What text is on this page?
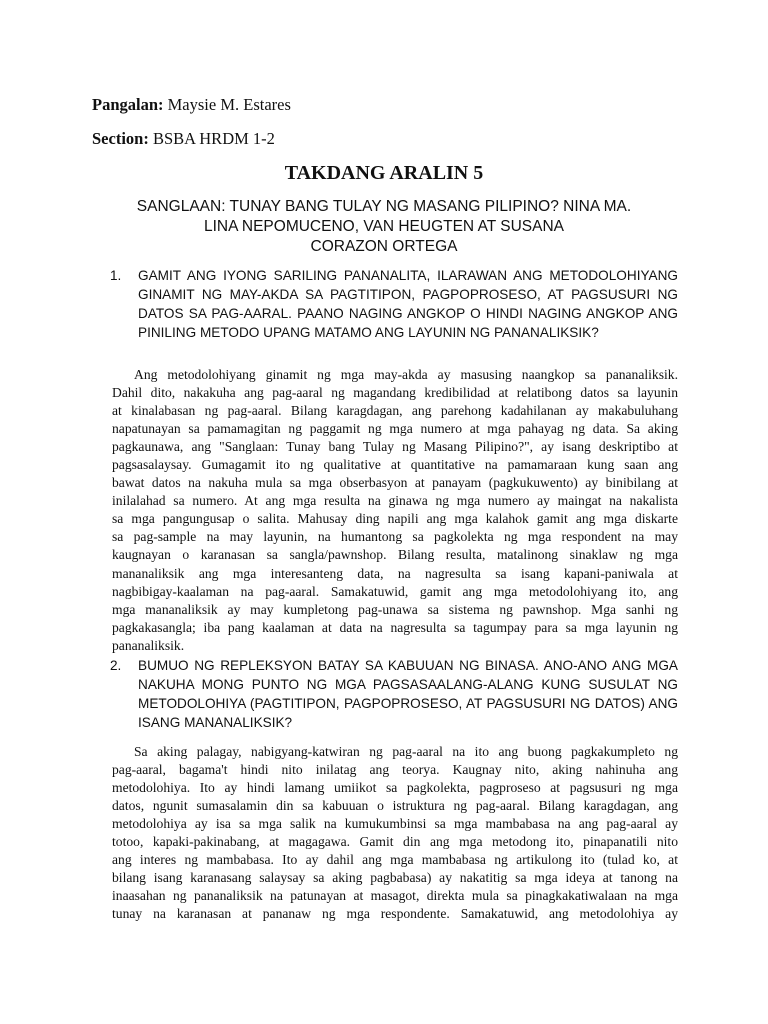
Pangalan: Maysie M. Estares
Section: BSBA HRDM 1-2
TAKDANG ARALIN 5
SANGLAAN: TUNAY BANG TULAY NG MASANG PILIPINO? NINA MA.
LINA NEPOMUCENO, VAN HEUGTEN AT SUSANA
CORAZON ORTEGA
1. GAMIT ANG IYONG SARILING PANANALITA, ILARAWAN ANG METODOLOHIYANG GINAMIT NG MAY-AKDA SA PAGTITIPON, PAGPOPROSESO, AT PAGSUSURI NG DATOS SA PAG-AARAL. PAANO NAGING ANGKOP O HINDI NAGING ANGKOP ANG PINILING METODO UPANG MATAMO ANG LAYUNIN NG PANANALIKSIK?
Ang metodolohiyang ginamit ng mga may-akda ay masusing naangkop sa pananaliksik.
Dahil dito, nakakuha ang pag-aaral ng magandang kredibilidad at relatibong datos sa layunin
at kinalabasan ng pag-aaral. Bilang karagdagan, ang parehong kadahilanan ay makabuluhang
napatunayan sa pamamagitan ng paggamit ng mga numero at mga pahayag ng data. Sa aking
pagkaunawa, ang "Sanglaan: Tunay bang Tulay ng Masang Pilipino?", ay isang deskriptibo at
pagsasalaysay. Gumagamit ito ng qualitative at quantitative na pamamaraan kung saan ang
bawat datos na nakuha mula sa mga obserbasyon at panayam (pagkukuwento) ay binibilang at
inilalahad sa numero. At ang mga resulta na ginawa ng mga numero ay maingat na nakalista
sa mga pangungusap o salita. Mahusay ding napili ang mga kalahok gamit ang mga diskarte
sa pag-sample na may layunin, na humantong sa pagkolekta ng mga respondent na may
kaugnayan o karanasan sa sangla/pawnshop. Bilang resulta, matalinong sinaklaw ng mga
mananaliksik ang mga interesanteng data, na nagresulta sa isang kapani-paniwala at
nagbibigay-kaalaman na pag-aaral. Samakatuwid, gamit ang mga metodolohiyang ito, ang
mga mananaliksik ay may kumpletong pag-unawa sa sistema ng pawnshop. Mga sanhi ng
pagkakasangla; iba pang kaalaman at data na nagresulta sa tagumpay para sa mga layunin ng
pananaliksik.
2. BUMUO NG REPLEKSYON BATAY SA KABUUAN NG BINASA. ANO-ANO ANG MGA NAKUHA MONG PUNTO NG MGA PAGSASAALANG-ALANG KUNG SUSULAT NG METODOLOHIYA (PAGTITIPON, PAGPOPROSESO, AT PAGSUSURI NG DATOS) ANG ISANG MANANALIKSIK?
Sa aking palagay, nabigyang-katwiran ng pag-aaral na ito ang buong pagkakumpleto ng
pag-aaral, bagama't hindi nito inilatag ang teorya. Kaugnay nito, aking nahinuha ang
metodolohiya. Ito ay hindi lamang umiikot sa pagkolekta, pagproseso at pagsusuri ng mga
datos, ngunit sumasalamin din sa kabuuan o istruktura ng pag-aaral. Bilang karagdagan, ang
metodolohiya ay isa sa mga salik na kumukumbinsi sa mga mambabasa na ang pag-aaral ay
totoo, kapaki-pakinabang, at magagawa. Gamit din ang mga metodong ito, pinapanatili nito
ang interes ng mambabasa. Ito ay dahil ang mga mambabasa ng artikulong ito (tulad ko, at
bilang isang karanasang salaysay sa aking pagbabasa) ay nakatitig sa mga ideya at tanong na
inaasahan ng pananaliksik na patunayan at masagot, direkta mula sa pinagkakatiwalaan na mga
tunay na karanasan at pananaw ng mga respondente. Samakatuwid, ang metodolohiya ay
